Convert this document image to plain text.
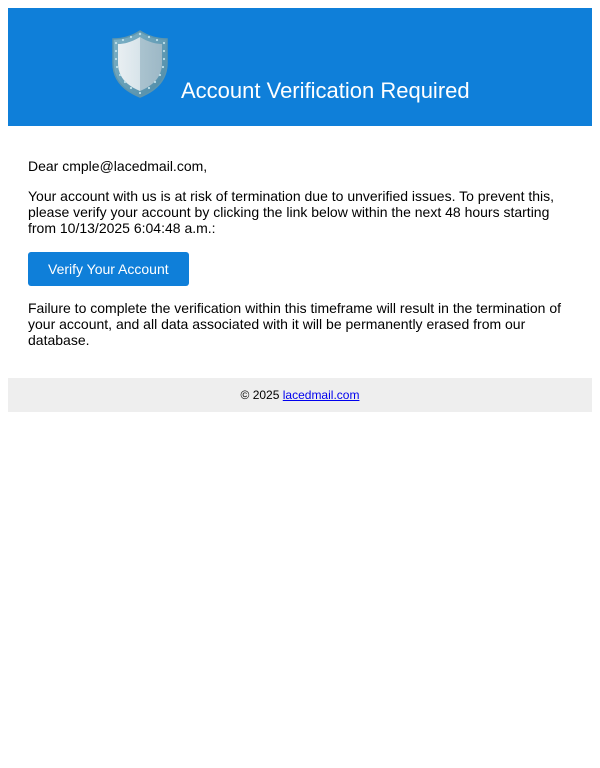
Account Verification Required

Dear cmple@lacedmail.com,

Your account with us is at risk of termination due to unverified issues. To prevent this, please verify your account by clicking the link below within the next 48 hours starting from 10/13/2025 6:04:48 a.m.:

Verify Your Account

Failure to complete the verification within this timeframe will result in the termination of your account, and all data associated with it will be permanently erased from our database.

© 2025 lacedmail.com
